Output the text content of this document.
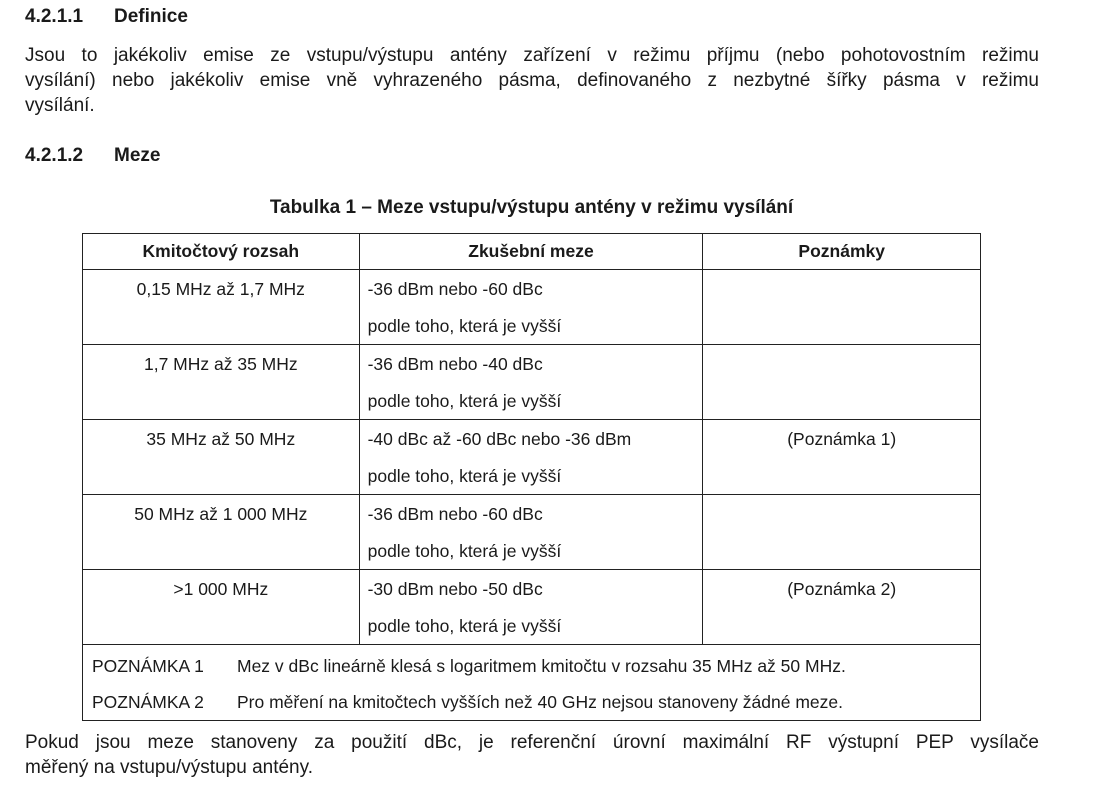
4.2.1.1 Definice
Jsou to jakékoliv emise ze vstupu/výstupu antény zařízení v režimu příjmu (nebo pohotovostním režimu
vysílání) nebo jakékoliv emise vně vyhrazeného pásma, definovaného z nezbytné šířky pásma v režimu
vysílání.
4.2.1.2 Meze
Tabulka 1 – Meze vstupu/výstupu antény v režimu vysílání
Kmitočtový rozsah	Zkušební meze	Poznámky

0,15 MHz až 1,7 MHz	-36 dBm nebo -60 dBc
podle toho, která je vyšší	

1,7 MHz až 35 MHz	-36 dBm nebo -40 dBc
podle toho, která je vyšší	

35 MHz až 50 MHz	-40 dBc až -60 dBc nebo -36 dBm
podle toho, která je vyšší	(Poznámka 1)

50 MHz až 1 000 MHz	-36 dBm nebo -60 dBc
podle toho, která je vyšší	

>1 000 MHz	-30 dBm nebo -50 dBc
podle toho, která je vyšší	(Poznámka 2)

POZNÁMKA 1 Mez v dBc lineárně klesá s logaritmem kmitočtu v rozsahu 35 MHz až 50 MHz.
POZNÁMKA 2 Pro měření na kmitočtech vyšších než 40 GHz nejsou stanoveny žádné meze.		
Pokud jsou meze stanoveny za použití dBc, je referenční úrovní maximální RF výstupní PEP vysílače
měřený na vstupu/výstupu antény.
